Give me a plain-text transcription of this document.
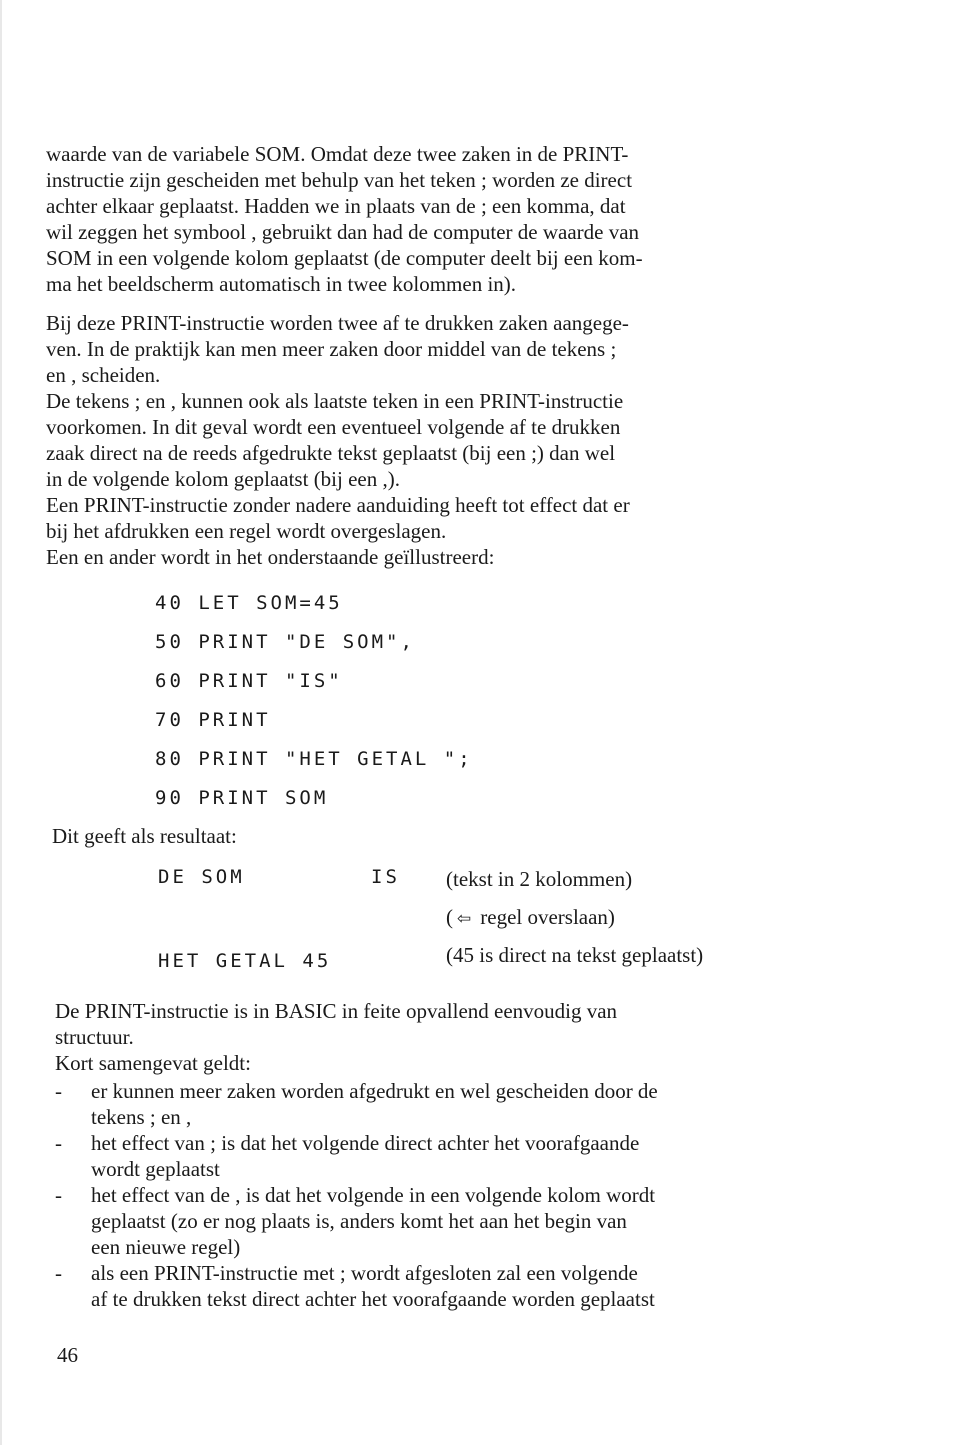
waarde van de variabele SOM. Omdat deze twee zaken in de PRINT-
instructie zijn gescheiden met behulp van het teken ; worden ze direct
achter elkaar geplaatst. Hadden we in plaats van de ; een komma, dat
wil zeggen het symbool , gebruikt dan had de computer de waarde van
SOM in een volgende kolom geplaatst (de computer deelt bij een kom-
ma het beeldscherm automatisch in twee kolommen in).
Bij deze PRINT-instructie worden twee af te drukken zaken aangege-
ven. In de praktijk kan men meer zaken door middel van de tekens ;
en , scheiden.
De tekens ; en , kunnen ook als laatste teken in een PRINT-instructie
voorkomen. In dit geval wordt een eventueel volgende af te drukken
zaak direct na de reeds afgedrukte tekst geplaatst (bij een ;) dan wel
in de volgende kolom geplaatst (bij een ,).
Een PRINT-instructie zonder nadere aanduiding heeft tot effect dat er
bij het afdrukken een regel wordt overgeslagen.
Een en ander wordt in het onderstaande geïllustreerd:
40 LET SOM=45
50 PRINT "DE SOM",
60 PRINT "IS"
70 PRINT
80 PRINT "HET GETAL ";
90 PRINT SOM
Dit geeft als resultaat:
DE SOM	IS (tekst in 2 kolommen)
( ⇦ regel overslaan)
HET GETAL 45	(45 is direct na tekst geplaatst)
De PRINT-instructie is in BASIC in feite opvallend eenvoudig van
structuur.
Kort samengevat geldt:
- er kunnen meer zaken worden afgedrukt en wel gescheiden door de
tekens ; en ,
- het effect van ; is dat het volgende direct achter het voorafgaande
wordt geplaatst
- het effect van de , is dat het volgende in een volgende kolom wordt
geplaatst (zo er nog plaats is, anders komt het aan het begin van
een nieuwe regel)
- als een PRINT-instructie met ; wordt afgesloten zal een volgende
af te drukken tekst direct achter het voorafgaande worden geplaatst
46
